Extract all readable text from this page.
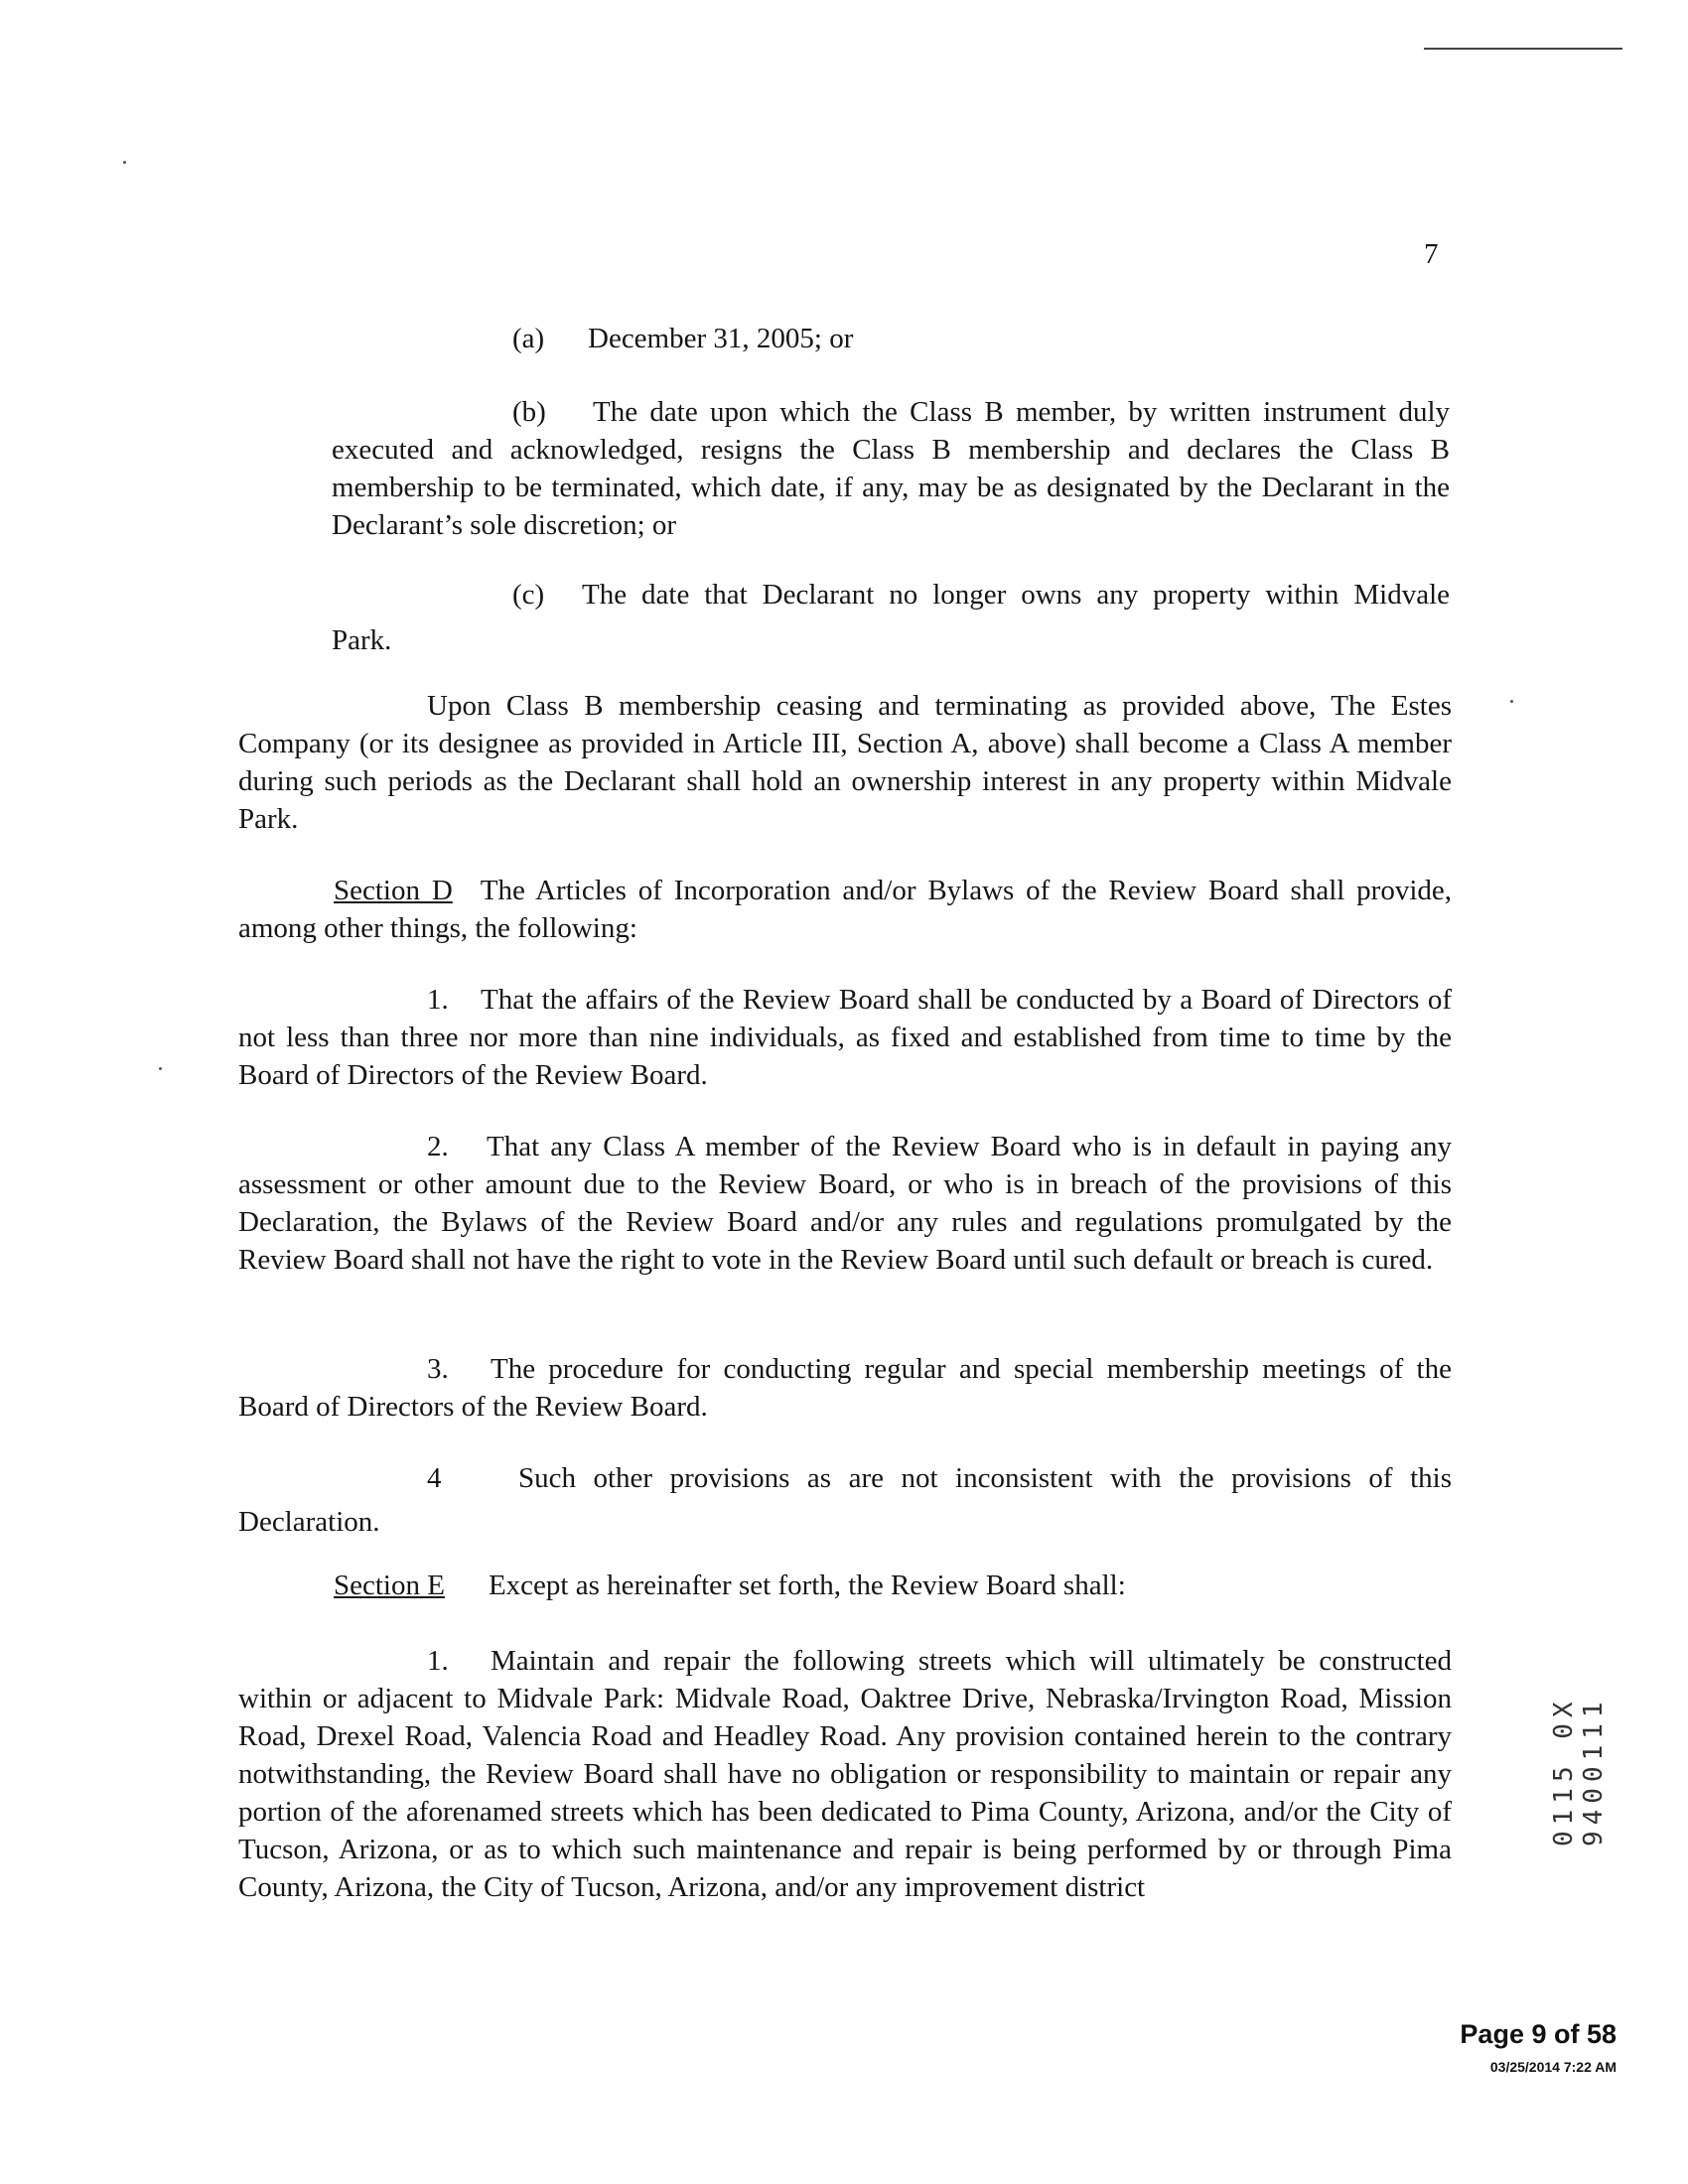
7

(a) December 31, 2005; or

(b) The date upon which the Class B member, by written instrument duly

executed and acknowledged, resigns the Class B membership and declares the Class B membership to be terminated, which date, if any, may be as designated by the Declarant in the Declarant’s sole discretion; or

(c) The date that Declarant no longer owns any property within Midvale

Park.

Upon Class B membership ceasing and terminating as provided above, The Estes Company (or its designee as provided in Article III, Section A, above) shall become a Class A member during such periods as the Declarant shall hold an ownership interest in any property within Midvale Park.

Section D The Articles of Incorporation and/or Bylaws of the Review Board shall provide, among other things, the following:

1. That the affairs of the Review Board shall be conducted by a Board of Directors of not less than three nor more than nine individuals, as fixed and established from time to time by the Board of Directors of the Review Board.

2. That any Class A member of the Review Board who is in default in paying any assessment or other amount due to the Review Board, or who is in breach of the provisions of this Declaration, the Bylaws of the Review Board and/or any rules and regulations promulgated by the Review Board shall not have the right to vote in the Review Board until such default or breach is cured.

3. The procedure for conducting regular and special membership meetings of the Board of Directors of the Review Board.

4	Such other provisions as are not inconsistent with the provisions of this

Declaration.

Section E Except as hereinafter set forth, the Review Board shall:

1. Maintain and repair the following streets which will ultimately be constructed within or adjacent to Midvale Park: Midvale Road, Oaktree Drive, Nebraska/Irvington Road, Mission Road, Drexel Road, Valencia Road and Headley Road. Any provision contained herein to the contrary notwithstanding, the Review Board shall have no obligation or responsibility to maintain or repair any portion of the aforenamed streets which has been dedicated to Pima County, Arizona, and/or the City of Tucson, Arizona, or as to which such maintenance and repair is being performed by or through Pima County, Arizona, the City of Tucson, Arizona, and/or any improvement district

0115 0X 9400111
Page 9 of 58
03/25/2014 7:22 AM
